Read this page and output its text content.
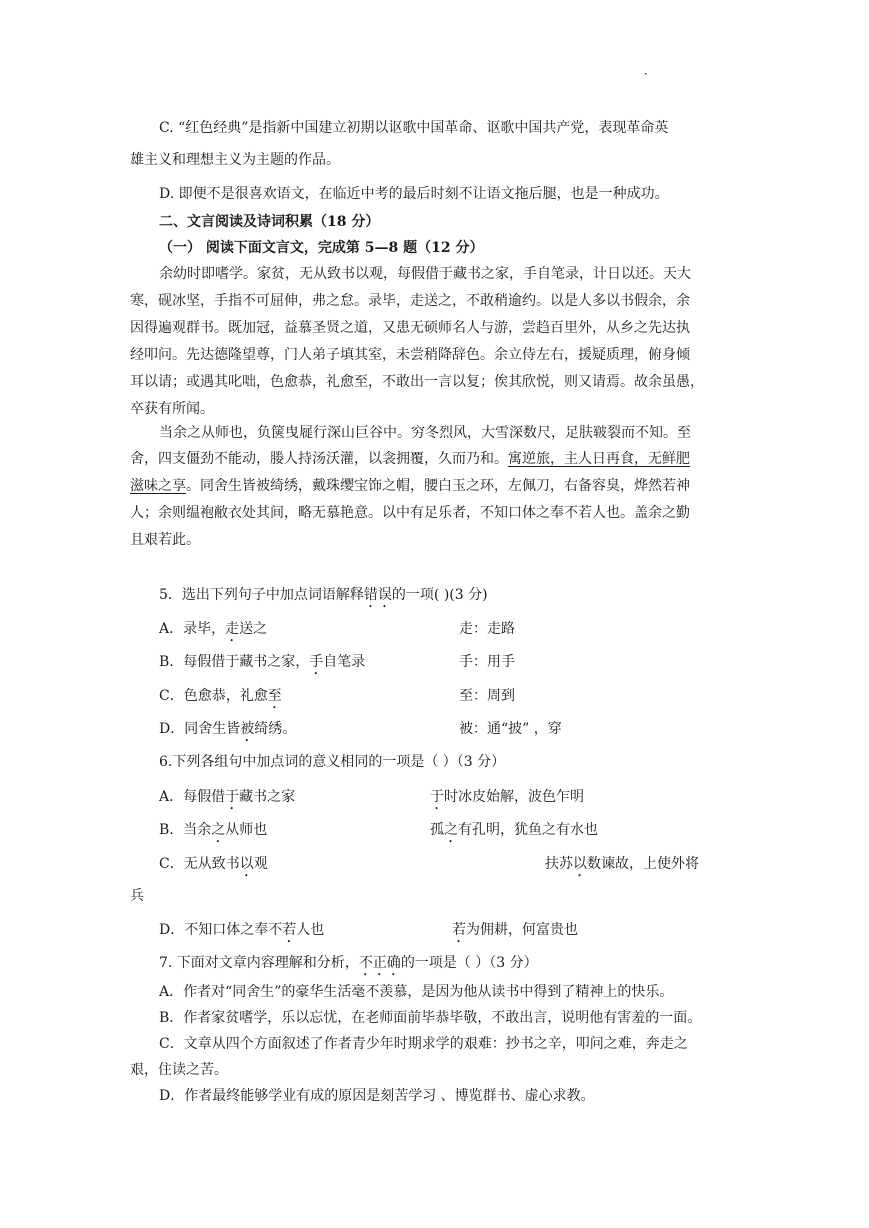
·
C. “红色经典”是指新中国建立初期以讴歌中国革命、讴歌中国共产党，表现革命英
雄主义和理想主义为主题的作品。
D. 即便不是很喜欢语文，在临近中考的最后时刻不让语文拖后腿，也是一种成功。
二、文言阅读及诗词积累（18 分）
（一） 阅读下面文言文，完成第 5—8 题（12 分）
余幼时即嗜学。家贫，无从致书以观，每假借于藏书之家，手自笔录，计日以还。天大
寒，砚冰坚，手指不可屈伸，弗之怠。录毕，走送之，不敢稍逾约。以是人多以书假余，余
因得遍观群书。既加冠，益慕圣贤之道，又患无硕师名人与游，尝趋百里外，从乡之先达执
经叩问。先达德隆望尊，门人弟子填其室，未尝稍降辞色。余立侍左右，援疑质理，俯身倾
耳以请；或遇其叱咄，色愈恭，礼愈至，不敢出一言以复；俟其欣悦，则又请焉。故余虽愚，
卒获有所闻。
当余之从师也，负箧曳屣行深山巨谷中。穷冬烈风，大雪深数尺，足肤皲裂而不知。至
舍，四支僵劲不能动，媵人持汤沃灌，以衾拥覆，久而乃和。寓逆旅，主人日再食，无鲜肥
滋味之享。同舍生皆被绮绣，戴珠缨宝饰之帽，腰白玉之环，左佩刀，右备容臭，烨然若神
人；余则缊袍敝衣处其间，略无慕艳意。以中有足乐者，不知口体之奉不若人也。盖余之勤
且艰若此。
5．选出下列句子中加点词语解释错误的一项( )(3 分)
A．录毕，走送之	走：走路
B．每假借于藏书之家，手自笔录	手：用手
C．色愈恭，礼愈至	至：周到
D．同舍生皆被绮绣。	被：通“披” ，穿
6.下列各组句中加点词的意义相同的一项是（ ）（3 分）
A．每假借于藏书之家	于时冰皮始解，波色乍明
B．当余之从师也	孤之有孔明，犹鱼之有水也
C．无从致书以观	扶苏以数谏故，上使外将
兵
D．不知口体之奉不若人也	若为佣耕，何富贵也
7. 下面对文章内容理解和分析，不正确的一项是（ ）（3 分）
A．作者对“同舍生”的豪华生活毫不羡慕，是因为他从读书中得到了精神上的快乐。
B．作者家贫嗜学，乐以忘忧，在老师面前毕恭毕敬，不敢出言，说明他有害羞的一面。
C．文章从四个方面叙述了作者青少年时期求学的艰难：抄书之辛，叩问之难，奔走之
艰，住读之苦。
D．作者最终能够学业有成的原因是刻苦学习 、博览群书、虚心求教。
